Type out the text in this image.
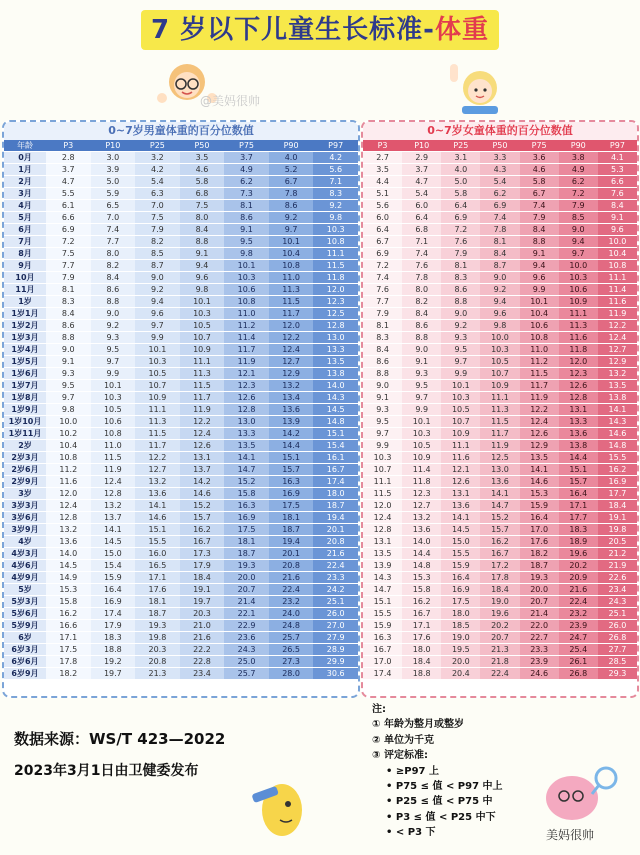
7 岁以下儿童生长标准-体重
@美妈很帅
0~7岁男童体重的百分位数值
年龄	P3	P10	P25	P50	P75	P90	P97
0月	2.8	3.0	3.2	3.5	3.7	4.0	4.2
1月	3.7	3.9	4.2	4.6	4.9	5.2	5.6
2月	4.7	5.0	5.4	5.8	6.2	6.7	7.1
3月	5.5	5.9	6.3	6.8	7.3	7.8	8.3
4月	6.1	6.5	7.0	7.5	8.1	8.6	9.2
5月	6.6	7.0	7.5	8.0	8.6	9.2	9.8
6月	6.9	7.4	7.9	8.4	9.1	9.7	10.3
7月	7.2	7.7	8.2	8.8	9.5	10.1	10.8
8月	7.5	8.0	8.5	9.1	9.8	10.4	11.1
9月	7.7	8.2	8.7	9.4	10.1	10.8	11.5
10月	7.9	8.4	9.0	9.6	10.3	11.0	11.8
11月	8.1	8.6	9.2	9.8	10.6	11.3	12.0
1岁	8.3	8.8	9.4	10.1	10.8	11.5	12.3
1岁1月	8.4	9.0	9.6	10.3	11.0	11.7	12.5
1岁2月	8.6	9.2	9.7	10.5	11.2	12.0	12.8
1岁3月	8.8	9.3	9.9	10.7	11.4	12.2	13.0
1岁4月	9.0	9.5	10.1	10.9	11.7	12.4	13.3
1岁5月	9.1	9.7	10.3	11.1	11.9	12.7	13.5
1岁6月	9.3	9.9	10.5	11.3	12.1	12.9	13.8
1岁7月	9.5	10.1	10.7	11.5	12.3	13.2	14.0
1岁8月	9.7	10.3	10.9	11.7	12.6	13.4	14.3
1岁9月	9.8	10.5	11.1	11.9	12.8	13.6	14.5
1岁10月	10.0	10.6	11.3	12.2	13.0	13.9	14.8
1岁11月	10.2	10.8	11.5	12.4	13.3	14.2	15.1
2岁	10.4	11.0	11.7	12.6	13.5	14.4	15.4
2岁3月	10.8	11.5	12.2	13.1	14.1	15.1	16.1
2岁6月	11.2	11.9	12.7	13.7	14.7	15.7	16.7
2岁9月	11.6	12.4	13.2	14.2	15.2	16.3	17.4
3岁	12.0	12.8	13.6	14.6	15.8	16.9	18.0
3岁3月	12.4	13.2	14.1	15.2	16.3	17.5	18.7
3岁6月	12.8	13.7	14.6	15.7	16.9	18.1	19.4
3岁9月	13.2	14.1	15.1	16.2	17.5	18.7	20.1
4岁	13.6	14.5	15.5	16.7	18.1	19.4	20.8
4岁3月	14.0	15.0	16.0	17.3	18.7	20.1	21.6
4岁6月	14.5	15.4	16.5	17.9	19.3	20.8	22.4
4岁9月	14.9	15.9	17.1	18.4	20.0	21.6	23.3
5岁	15.3	16.4	17.6	19.1	20.7	22.4	24.2
5岁3月	15.8	16.9	18.1	19.7	21.4	23.2	25.1
5岁6月	16.2	17.4	18.7	20.3	22.1	24.0	26.0
5岁9月	16.6	17.9	19.3	21.0	22.9	24.8	27.0
6岁	17.1	18.3	19.8	21.6	23.6	25.7	27.9
6岁3月	17.5	18.8	20.3	22.2	24.3	26.5	28.9
6岁6月	17.8	19.2	20.8	22.8	25.0	27.3	29.9
6岁9月	18.2	19.7	21.3	23.4	25.7	28.0	30.6
0~7岁女童体重的百分位数值
P3	P10	P25	P50	P75	P90	P97
2.7	2.9	3.1	3.3	3.6	3.8	4.1
3.5	3.7	4.0	4.3	4.6	4.9	5.3
4.4	4.7	5.0	5.4	5.8	6.2	6.6
5.1	5.4	5.8	6.2	6.7	7.2	7.6
5.6	6.0	6.4	6.9	7.4	7.9	8.4
6.0	6.4	6.9	7.4	7.9	8.5	9.1
6.4	6.8	7.2	7.8	8.4	9.0	9.6
6.7	7.1	7.6	8.1	8.8	9.4	10.0
6.9	7.4	7.9	8.4	9.1	9.7	10.4
7.2	7.6	8.1	8.7	9.4	10.0	10.8
7.4	7.8	8.3	9.0	9.6	10.3	11.1
7.6	8.0	8.6	9.2	9.9	10.6	11.4
7.7	8.2	8.8	9.4	10.1	10.9	11.6
7.9	8.4	9.0	9.6	10.4	11.1	11.9
8.1	8.6	9.2	9.8	10.6	11.3	12.2
8.3	8.8	9.3	10.0	10.8	11.6	12.4
8.4	9.0	9.5	10.3	11.0	11.8	12.7
8.6	9.1	9.7	10.5	11.2	12.0	12.9
8.8	9.3	9.9	10.7	11.5	12.3	13.2
9.0	9.5	10.1	10.9	11.7	12.6	13.5
9.1	9.7	10.3	11.1	11.9	12.8	13.8
9.3	9.9	10.5	11.3	12.2	13.1	14.1
9.5	10.1	10.7	11.5	12.4	13.3	14.3
9.7	10.3	10.9	11.7	12.6	13.6	14.6
9.9	10.5	11.1	11.9	12.9	13.8	14.8
10.3	10.9	11.6	12.5	13.5	14.4	15.5
10.7	11.4	12.1	13.0	14.1	15.1	16.2
11.1	11.8	12.6	13.6	14.6	15.7	16.9
11.5	12.3	13.1	14.1	15.3	16.4	17.7
12.0	12.7	13.6	14.7	15.9	17.1	18.4
12.4	13.2	14.1	15.2	16.4	17.7	19.1
12.8	13.6	14.5	15.7	17.0	18.3	19.8
13.1	14.0	15.0	16.2	17.6	18.9	20.5
13.5	14.4	15.5	16.7	18.2	19.6	21.2
13.9	14.8	15.9	17.2	18.7	20.2	21.9
14.3	15.3	16.4	17.8	19.3	20.9	22.6
14.7	15.8	16.9	18.4	20.0	21.6	23.4
15.1	16.2	17.5	19.0	20.7	22.4	24.3
15.5	16.7	18.0	19.6	21.4	23.2	25.1
15.9	17.1	18.5	20.2	22.0	23.9	26.0
16.3	17.6	19.0	20.7	22.7	24.7	26.8
16.7	18.0	19.5	21.3	23.3	25.4	27.7
17.0	18.4	20.0	21.8	23.9	26.1	28.5
17.4	18.8	20.4	22.4	24.6	26.8	29.3
数据来源：WS/T 423—2022
2023年3月1日由卫健委发布
注:
① 年龄为整月或整岁
② 单位为千克
③ 评定标准:
• ≥P97 上
• P75 ≤ 值 < P97 中上
• P25 ≤ 值 < P75 中
• P3 ≤ 值 < P25 中下
• < P3 下	美妈很帅
